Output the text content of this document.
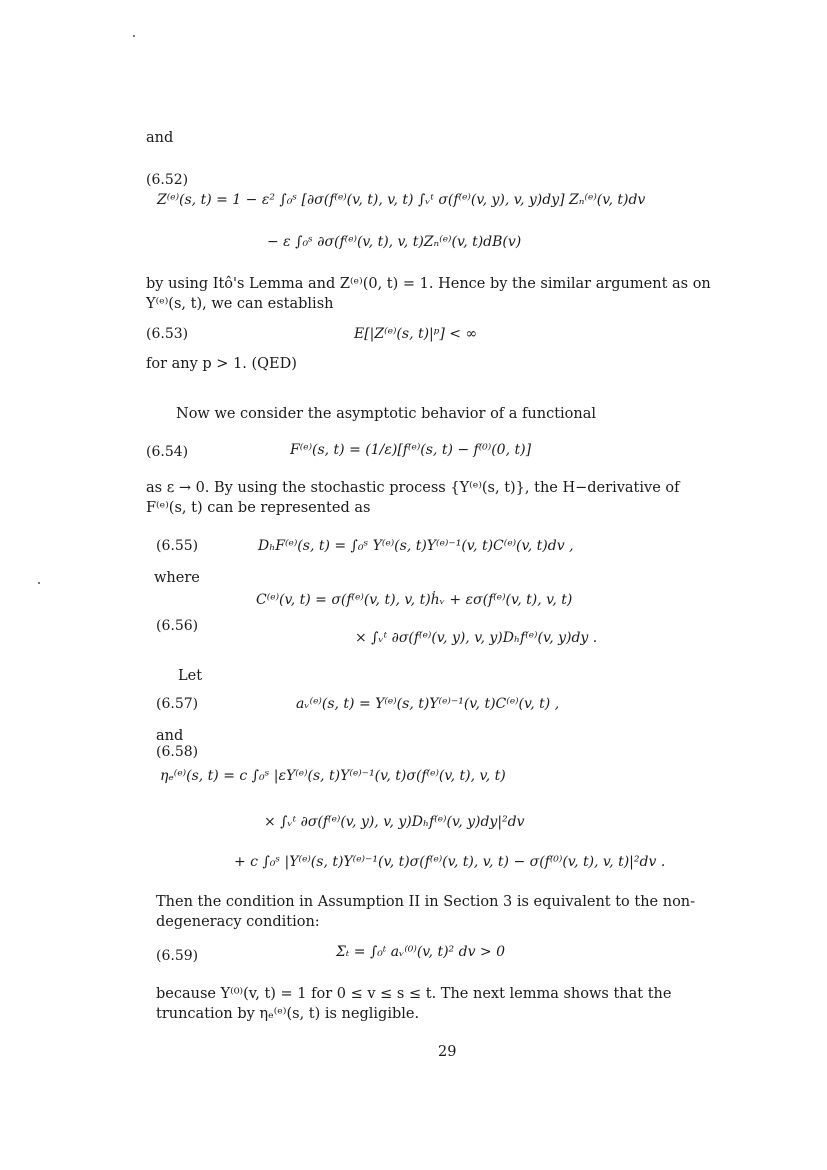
and
(6.52)
Z⁽ᵉ⁾(s, t) = 1 − ε² ∫₀ˢ [∂σ(f⁽ᵉ⁾(v, t), v, t) ∫ᵥᵗ σ(f⁽ᵉ⁾(v, y), v, y)dy] Zₙ⁽ᵉ⁾(v, t)dv
− ε ∫₀ˢ ∂σ(f⁽ᵉ⁾(v, t), v, t)Zₙ⁽ᵉ⁾(v, t)dB(v)
by using Itô's Lemma and Z⁽ᵉ⁾(0, t) = 1. Hence by the similar argument as on
Y⁽ᵉ⁾(s, t), we can establish
(6.53)	E[|Z⁽ᵉ⁾(s, t)|ᵖ] < ∞
for any p > 1. (QED)
Now we consider the asymptotic behavior of a functional
(6.54)	F⁽ᵉ⁾(s, t) = (1/ε)[f⁽ᵉ⁾(s, t) − f⁽⁰⁾(0, t)]
as ε → 0. By using the stochastic process {Y⁽ᵉ⁾(s, t)}, the H−derivative of
F⁽ᵉ⁾(s, t) can be represented as
(6.55)	DₕF⁽ᵉ⁾(s, t) = ∫₀ˢ Y⁽ᵉ⁾(s, t)Y⁽ᵉ⁾⁻¹(v, t)C⁽ᵉ⁾(v, t)dv ,
where
C⁽ᵉ⁾(v, t) = σ(f⁽ᵉ⁾(v, t), v, t)ḣᵥ + εσ(f⁽ᵉ⁾(v, t), v, t)
(6.56)
× ∫ᵥᵗ ∂σ(f⁽ᵉ⁾(v, y), v, y)Dₕf⁽ᵉ⁾(v, y)dy .
Let
(6.57)	aᵥ⁽ᵉ⁾(s, t) = Y⁽ᵉ⁾(s, t)Y⁽ᵉ⁾⁻¹(v, t)C⁽ᵉ⁾(v, t) ,
and
(6.58)
ηₑ⁽ᵉ⁾(s, t) = c ∫₀ˢ |εY⁽ᵉ⁾(s, t)Y⁽ᵉ⁾⁻¹(v, t)σ(f⁽ᵉ⁾(v, t), v, t)
× ∫ᵥᵗ ∂σ(f⁽ᵉ⁾(v, y), v, y)Dₕf⁽ᵉ⁾(v, y)dy|²dv
+ c ∫₀ˢ |Y⁽ᵉ⁾(s, t)Y⁽ᵉ⁾⁻¹(v, t)σ(f⁽ᵉ⁾(v, t), v, t) − σ(f⁽⁰⁾(v, t), v, t)|²dv .
Then the condition in Assumption II in Section 3 is equivalent to the non-
degeneracy condition:
(6.59)	Σₜ = ∫₀ᵗ aᵥ⁽⁰⁾(v, t)² dv > 0
because Y⁽⁰⁾(v, t) = 1 for 0 ≤ v ≤ s ≤ t. The next lemma shows that the
truncation by ηₑ⁽ᵉ⁾(s, t) is negligible.
29
